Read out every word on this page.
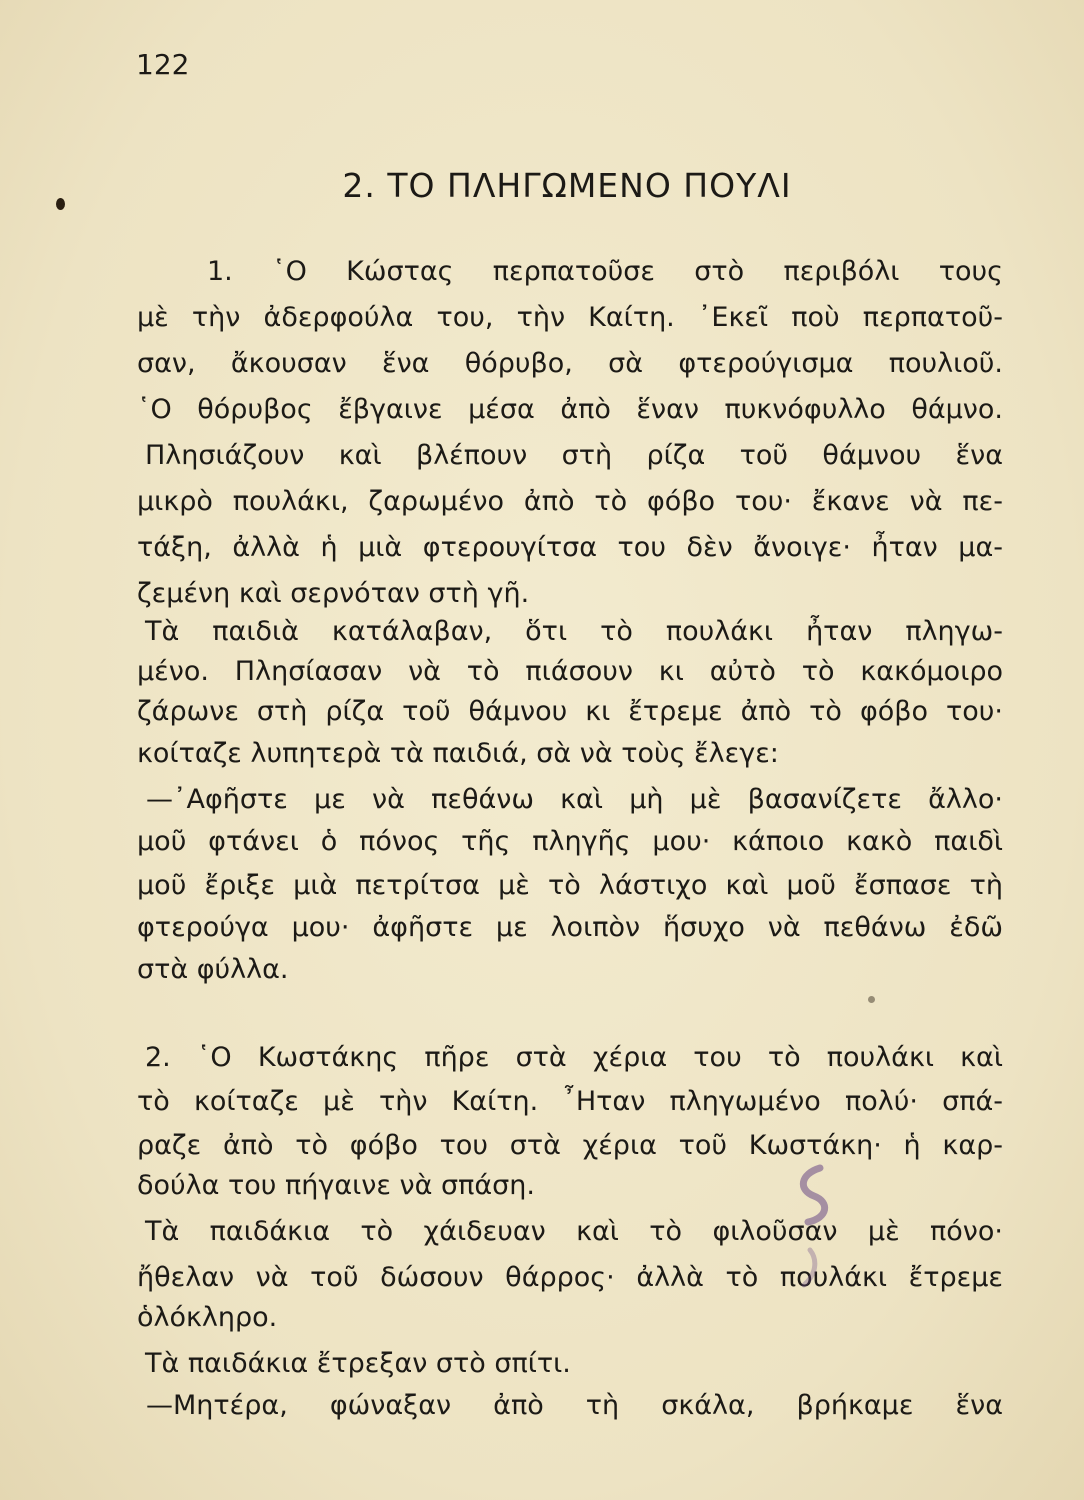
122
2. ΤΟ ΠΛΗΓΩΜΕΝΟ ΠΟΥΛΙ
1. ῾Ο Κώστας περπατοῦσε στὸ περιβόλι τους
μὲ τὴν ἀδερφούλα του, τὴν Καίτη. ᾿Εκεῖ ποὺ περπατοῦ-
σαν, ἄκουσαν ἕνα θόρυβο, σὰ φτερούγισμα πουλιοῦ.
῾Ο θόρυβος ἔβγαινε μέσα ἀπὸ ἕναν πυκνόφυλλο θάμνο.
Πλησιάζουν καὶ βλέπουν στὴ ρίζα τοῦ θάμνου ἕνα
μικρὸ πουλάκι, ζαρωμένο ἀπὸ τὸ φόβο του· ἔκανε νὰ πε-
τάξη, ἀλλὰ ἡ μιὰ φτερουγίτσα του δὲν ἄνοιγε· ἦταν μα-
ζεμένη καὶ σερνόταν στὴ γῆ.
Τὰ παιδιὰ κατάλαβαν, ὅτι τὸ πουλάκι ἦταν πληγω-
μένο. Πλησίασαν νὰ τὸ πιάσουν κι αὐτὸ τὸ κακόμοιρο
ζάρωνε στὴ ρίζα τοῦ θάμνου κι ἔτρεμε ἀπὸ τὸ φόβο του·
κοίταζε λυπητερὰ τὰ παιδιά, σὰ νὰ τοὺς ἔλεγε:
—᾿Αφῆστε με νὰ πεθάνω καὶ μὴ μὲ βασανίζετε ἄλλο·
μοῦ φτάνει ὁ πόνος τῆς πληγῆς μου· κάποιο κακὸ παιδὶ
μοῦ ἔριξε μιὰ πετρίτσα μὲ τὸ λάστιχο καὶ μοῦ ἔσπασε τὴ
φτερούγα μου· ἀφῆστε με λοιπὸν ἥσυχο νὰ πεθάνω ἐδῶ
στὰ φύλλα.
2. ῾Ο Κωστάκης πῆρε στὰ χέρια του τὸ πουλάκι καὶ
τὸ κοίταζε μὲ τὴν Καίτη. ῏Ηταν πληγωμένο πολύ· σπά-
ραζε ἀπὸ τὸ φόβο του στὰ χέρια τοῦ Κωστάκη· ἡ καρ-
δούλα του πήγαινε νὰ σπάση.
Τὰ παιδάκια τὸ χάιδευαν καὶ τὸ φιλοῦσαν μὲ πόνο·
ἤθελαν νὰ τοῦ δώσουν θάρρος· ἀλλὰ τὸ πουλάκι ἔτρεμε
ὁλόκληρο.
Τὰ παιδάκια ἔτρεξαν στὸ σπίτι.
—Μητέρα, φώναξαν ἀπὸ τὴ σκάλα, βρήκαμε ἕνα
